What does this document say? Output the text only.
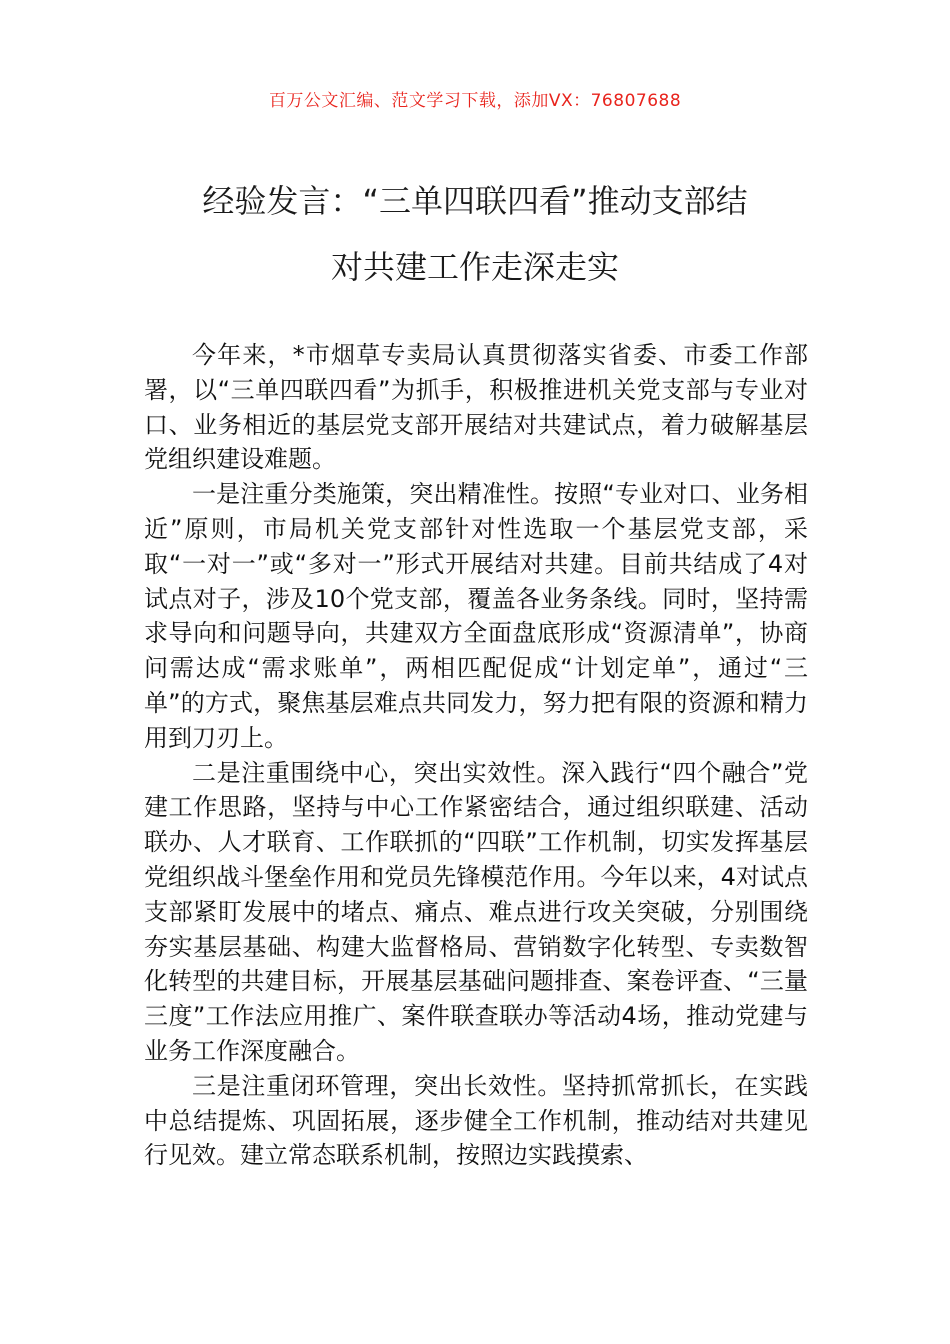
百万公文汇编、范文学习下载，添加VX：76807688
经验发言：“三单四联四看”推动支部结
对共建工作走深走实

今年来，*市烟草专卖局认真贯彻落实省委、市委工作部署，以“三单四联四看”为抓手，积极推进机关党支部与专业对口、业务相近的基层党支部开展结对共建试点，着力破解基层党组织建设难题。

一是注重分类施策，突出精准性。按照“专业对口、业务相近”原则，市局机关党支部针对性选取一个基层党支部，采取“一对一”或“多对一”形式开展结对共建。目前共结成了4对试点对子，涉及10个党支部，覆盖各业务条线。同时，坚持需求导向和问题导向，共建双方全面盘底形成“资源清单”，协商问需达成“需求账单”，两相匹配促成“计划定单”，通过“三单”的方式，聚焦基层难点共同发力，努力把有限的资源和精力用到刀刃上。

二是注重围绕中心，突出实效性。深入践行“四个融合”党建工作思路，坚持与中心工作紧密结合，通过组织联建、活动联办、人才联育、工作联抓的“四联”工作机制，切实发挥基层党组织战斗堡垒作用和党员先锋模范作用。今年以来，4对试点支部紧盯发展中的堵点、痛点、难点进行攻关突破，分别围绕夯实基层基础、构建大监督格局、营销数字化转型、专卖数智化转型的共建目标，开展基层基础问题排查、案卷评查、“三量三度”工作法应用推广、案件联查联办等活动4场，推动党建与业务工作深度融合。

三是注重闭环管理，突出长效性。坚持抓常抓长，在实践中总结提炼、巩固拓展，逐步健全工作机制，推动结对共建见行见效。建立常态联系机制，按照边实践摸索、
